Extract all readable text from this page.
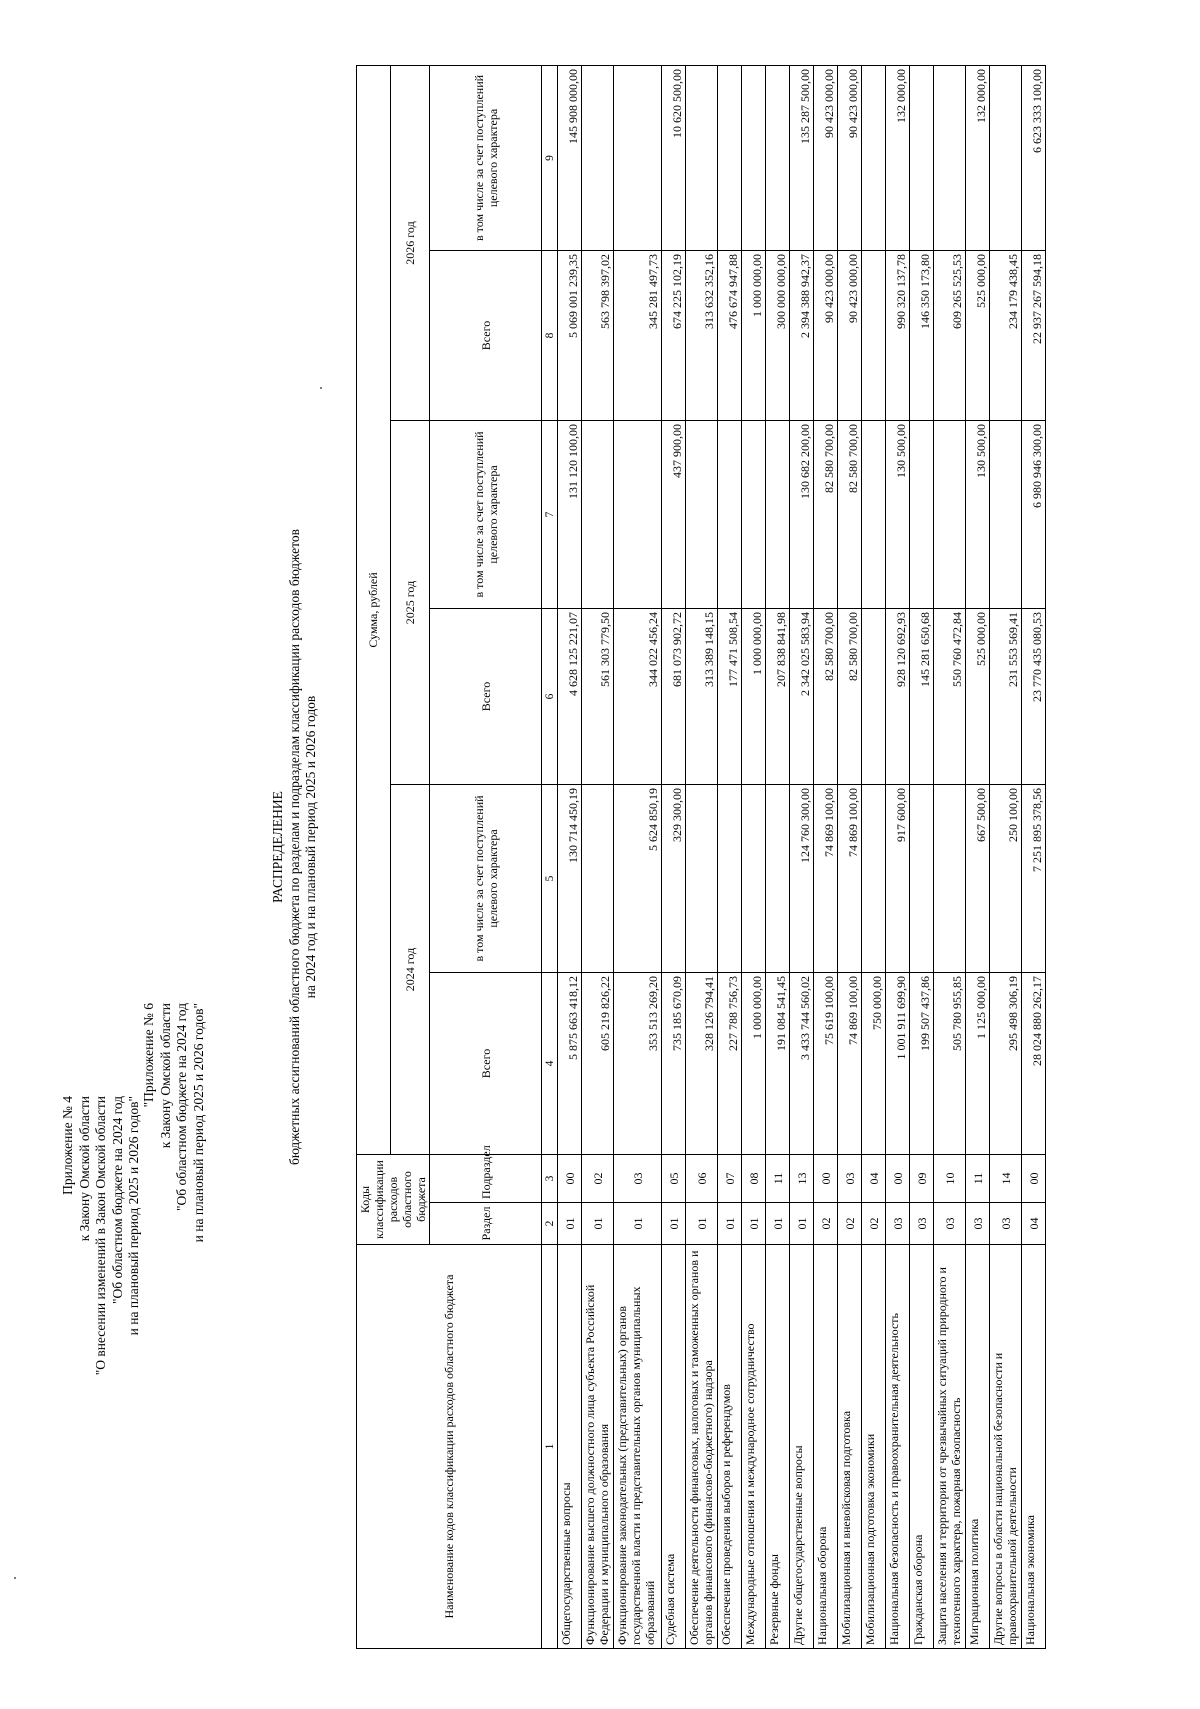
Приложение № 4 к Закону Омской области "О внесении изменений в Закон Омской области "Об областном бюджете на 2024 год и на плановый период 2025 и 2026 годов"
"Приложение № 6 к Закону Омской области "Об областном бюджете на 2024 год и на плановый период 2025 и 2026 годов"
РАСПРЕДЕЛЕНИЕ бюджетных ассигнований областного бюджета по разделам и подразделам классификации расходов бюджетов на 2024 год и на плановый период 2025 и 2026 годов
Наименование кодов классификации расходов областного бюджета	Коды классификации расходов областного бюджета		Сумма, рублей					
			2024 год		2025 год		2026 год	
	Раздел	Подраздел	Всего	в том числе за счет поступлений целевого характера	Всего	в том числе за счет поступлений целевого характера	Всего	в том числе за счет поступлений целевого характера

1	2	3	4	5	6	7	8	9
Общегосударственные вопросы	01	00	5 875 663 418,12	130 714 450,19	4 628 125 221,07	131 120 100,00	5 069 001 239,35	145 908 000,00
Функционирование высшего должностного лица субъекта Российской Федерации и муниципального образования	01	02	605 219 826,22		561 303 779,50		563 798 397,02	
Функционирование законодательных (представительных) органов государственной власти и представительных органов муниципальных образований	01	03	353 513 269,20	5 624 850,19	344 022 456,24		345 281 497,73	
Судебная система	01	05	735 185 670,09	329 300,00	681 073 902,72	437 900,00	674 225 102,19	10 620 500,00
Обеспечение деятельности финансовых, налоговых и таможенных органов и органов финансового (финансово-бюджетного) надзора	01	06	328 126 794,41		313 389 148,15		313 632 352,16	
Обеспечение проведения выборов и референдумов	01	07	227 788 756,73		177 471 508,54		476 674 947,88	
Международные отношения и международное сотрудничество	01	08	1 000 000,00		1 000 000,00		1 000 000,00	
Резервные фонды	01	11	191 084 541,45		207 838 841,98		300 000 000,00	
Другие общегосударственные вопросы	01	13	3 433 744 560,02	124 760 300,00	2 342 025 583,94	130 682 200,00	2 394 388 942,37	135 287 500,00
Национальная оборона	02	00	75 619 100,00	74 869 100,00	82 580 700,00	82 580 700,00	90 423 000,00	90 423 000,00
Мобилизационная и вневойсковая подготовка	02	03	74 869 100,00	74 869 100,00	82 580 700,00	82 580 700,00	90 423 000,00	90 423 000,00
Мобилизационная подготовка экономики	02	04	750 000,00					
Национальная безопасность и правоохранительная деятельность	03	00	1 001 911 699,90	917 600,00	928 120 692,93	130 500,00	990 320 137,78	132 000,00
Гражданская оборона	03	09	199 507 437,86		145 281 650,68		146 350 173,80	
Защита населения и территории от чрезвычайных ситуаций природного и техногенного характера, пожарная безопасность	03	10	505 780 955,85		550 760 472,84		609 265 525,53	
Миграционная политика	03	11	1 125 000,00	667 500,00	525 000,00	130 500,00	525 000,00	132 000,00
Другие вопросы в области национальной безопасности и правоохранительной деятельности	03	14	295 498 306,19	250 100,00	231 553 569,41		234 179 438,45	
Национальная экономика	04	00	28 024 880 262,17	7 251 895 378,56	23 770 435 080,53	6 980 946 300,00	22 937 267 594,18	6 623 333 100,00
